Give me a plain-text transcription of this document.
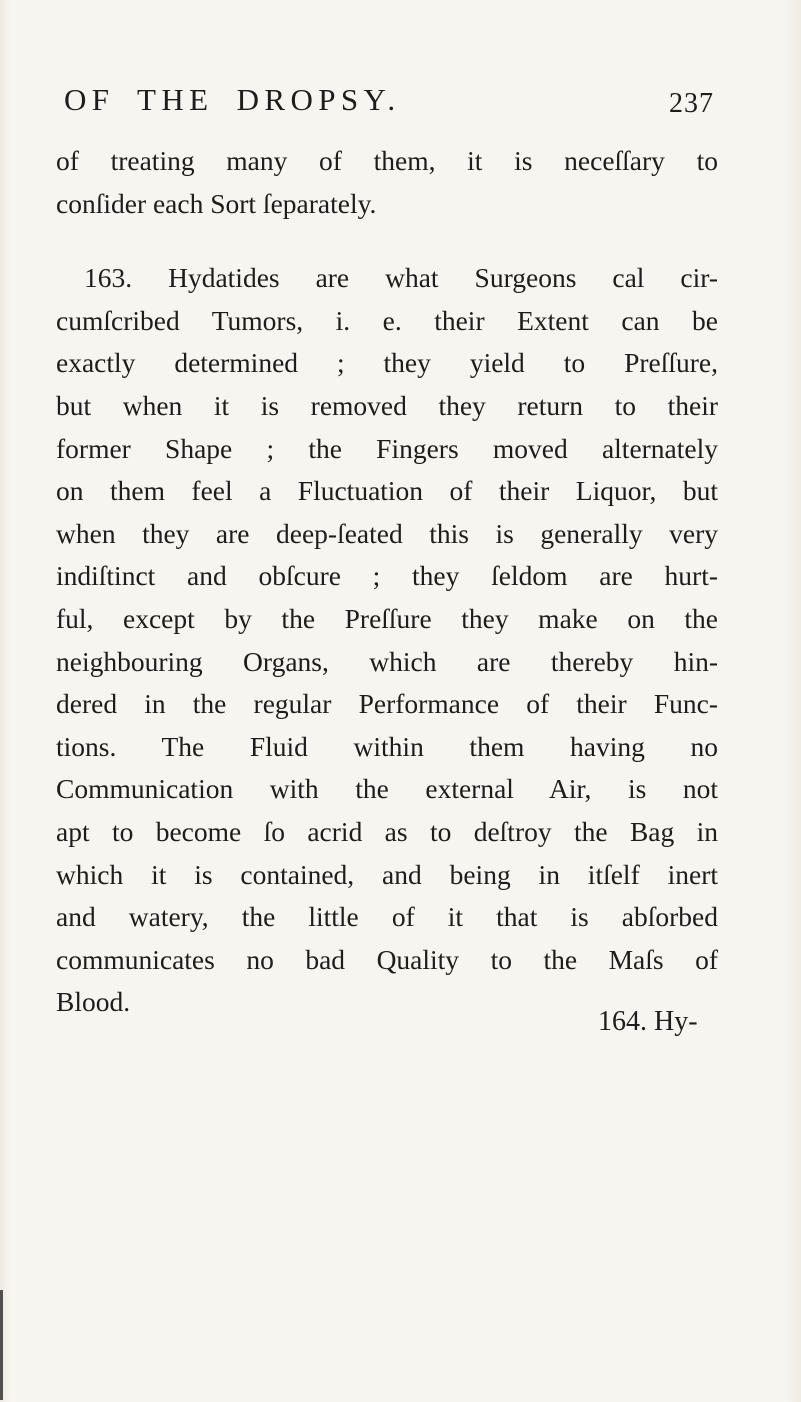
OF THE DROPSY.	237
of treating many of them, it is neceſſary to
conſider each Sort ſeparately.
163. Hydatides are what Surgeons cal cir-
cumſcribed Tumors, i. e. their Extent can be
exactly determined ; they yield to Preſſure,
but when it is removed they return to their
former Shape ; the Fingers moved alternately
on them feel a Fluctuation of their Liquor, but
when they are deep-ſeated this is generally very
indiſtinct and obſcure ; they ſeldom are hurt-
ful, except by the Preſſure they make on the
neighbouring Organs, which are thereby hin-
dered in the regular Performance of their Func-
tions. The Fluid within them having no
Communication with the external Air, is not
apt to become ſo acrid as to deſtroy the Bag in
which it is contained, and being in itſelf inert
and watery, the little of it that is abſorbed
communicates no bad Quality to the Maſs of
Blood.
164. Hy-
